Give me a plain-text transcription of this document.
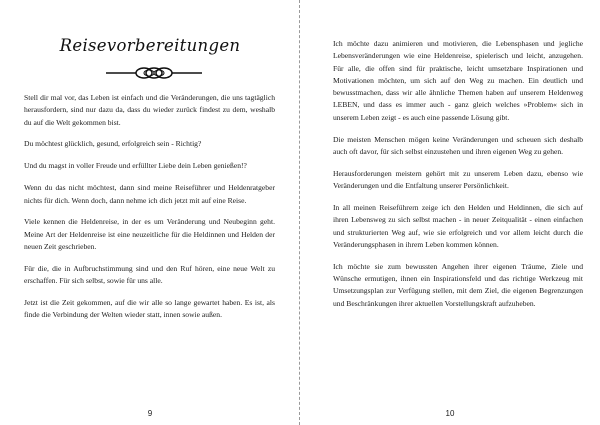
Reisevorbereitungen

Stell dir mal vor, das Leben ist einfach und die Veränderungen, die uns tagtäglich herausfordern, sind nur dazu da, dass du wieder zurück findest zu dem, weshalb du auf die Welt gekommen bist.

Du möchtest glücklich, gesund, erfolgreich sein - Richtig?

Und du magst in voller Freude und erfüllter Liebe dein Leben genießen!?

Wenn du das nicht möchtest, dann sind meine Reiseführer und Heldenratgeber nichts für dich. Wenn doch, dann nehme ich dich jetzt mit auf eine Reise.

Viele kennen die Heldenreise, in der es um Veränderung und Neubeginn geht. Meine Art der Heldenreise ist eine neuzeitliche für die Heldinnen und Helden der neuen Zeit geschrieben.

Für die, die in Aufbruchstimmung sind und den Ruf hören, eine neue Welt zu erschaffen. Für sich selbst, sowie für uns alle.

Jetzt ist die Zeit gekommen, auf die wir alle so lange gewartet haben. Es ist, als finde die Verbindung der Welten wieder statt, innen sowie außen.

9

Ich möchte dazu animieren und motivieren, die Lebensphasen und jegliche Lebensveränderungen wie eine Heldenreise, spielerisch und leicht, anzugehen. Für alle, die offen sind für praktische, leicht umsetzbare Inspirationen und Motivationen möchten, um sich auf den Weg zu machen. Ein deutlich und bewusstmachen, dass wir alle ähnliche Themen haben auf unserem Heldenweg LEBEN, und dass es immer auch - ganz gleich welches »Problem« sich in unserem Leben zeigt - es auch eine passende Lösung gibt.

Die meisten Menschen mögen keine Veränderungen und scheuen sich deshalb auch oft davor, für sich selbst einzustehen und ihren eigenen Weg zu gehen.

Herausforderungen meistern gehört mit zu unserem Leben dazu, ebenso wie Veränderungen und die Entfaltung unserer Persönlichkeit.

In all meinen Reiseführern zeige ich den Helden und Heldinnen, die sich auf ihren Lebensweg zu sich selbst machen - in neuer Zeitqualität - einen einfachen und strukturierten Weg auf, wie sie erfolgreich und vor allem leicht durch die Veränderungsphasen in ihrem Leben kommen können.

Ich möchte sie zum bewussten Angehen ihrer eigenen Träume, Ziele und Wünsche ermutigen, ihnen ein Inspirationsfeld und das richtige Werkzeug mit Umsetzungsplan zur Verfügung stellen, mit dem Ziel, die eigenen Begrenzungen und Beschränkungen ihrer aktuellen Vorstellungskraft aufzuheben.

10
